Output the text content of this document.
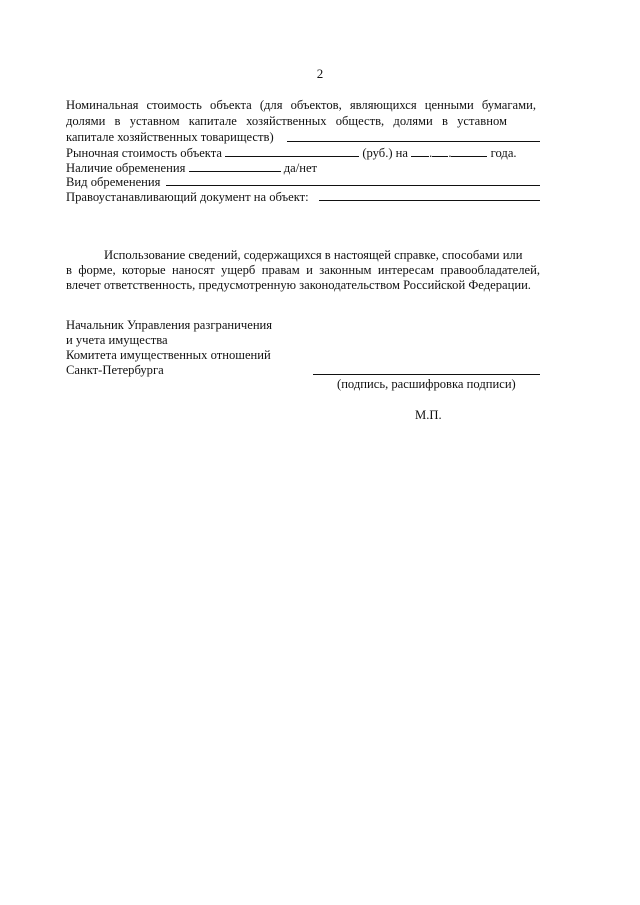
2
Номинальная стоимость объекта (для объектов, являющихся ценными бумагами,
долями в уставном капитале хозяйственных обществ, долями в уставном
капитале хозяйственных товариществ)
Рыночная стоимость объекта	(руб.) на . .	года.
Наличие обременения	да/нет
Вид обременения
Правоустанавливающий документ на объект:
Использование сведений, содержащихся в настоящей справке, способами или
в форме, которые наносят ущерб правам и законным интересам правообладателей,
влечет ответственность, предусмотренную законодательством Российской Федерации.
Начальник Управления разграничения
и учета имущества
Комитета имущественных отношений
Санкт-Петербурга
(подпись, расшифровка подписи)
М.П.
